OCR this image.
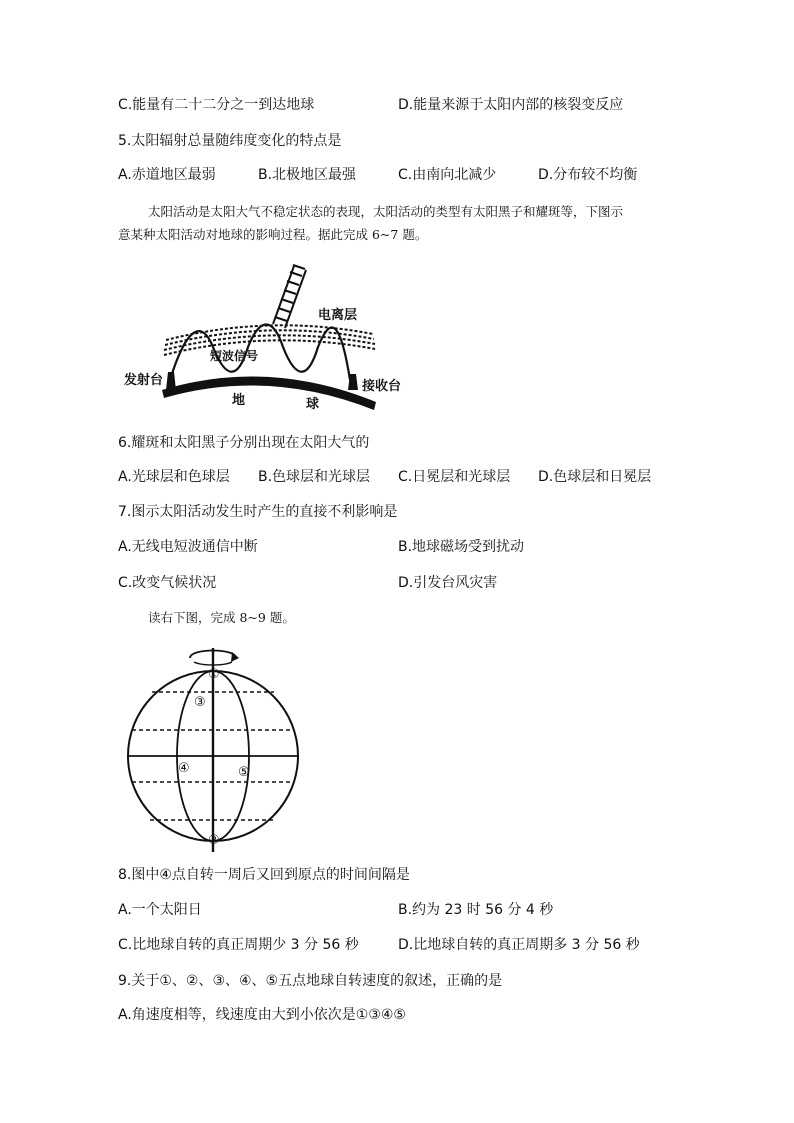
C.能量有二十二分之一到达地球	D.能量来源于太阳内部的核裂变反应
5.太阳辐射总量随纬度变化的特点是
A.赤道地区最弱	B.北极地区最强	C.由南向北减少	D.分布较不均衡
太阳活动是太阳大气不稳定状态的表现，太阳活动的类型有太阳黑子和耀斑等，下图示
意某种太阳活动对地球的影响过程。据此完成 6~7 题。
电离层
短波信号
发射台	接收台
地	球
6.耀斑和太阳黑子分别出现在太阳大气的
A.光球层和色球层 B.色球层和光球层 C.日冕层和光球层 D.色球层和日冕层
7.图示太阳活动发生时产生的直接不利影响是
A.无线电短波通信中断	B.地球磁场受到扰动
C.改变气候状况	D.引发台风灾害
读右下图，完成 8~9 题。
①
②
③
④	⑤
8.图中④点自转一周后又回到原点的时间间隔是
A.一个太阳日	B.约为 23 时 56 分 4 秒
C.比地球自转的真正周期少 3 分 56 秒	D.比地球自转的真正周期多 3 分 56 秒
9.关于①、②、③、④、⑤五点地球自转速度的叙述，正确的是
A.角速度相等，线速度由大到小依次是①③④⑤
